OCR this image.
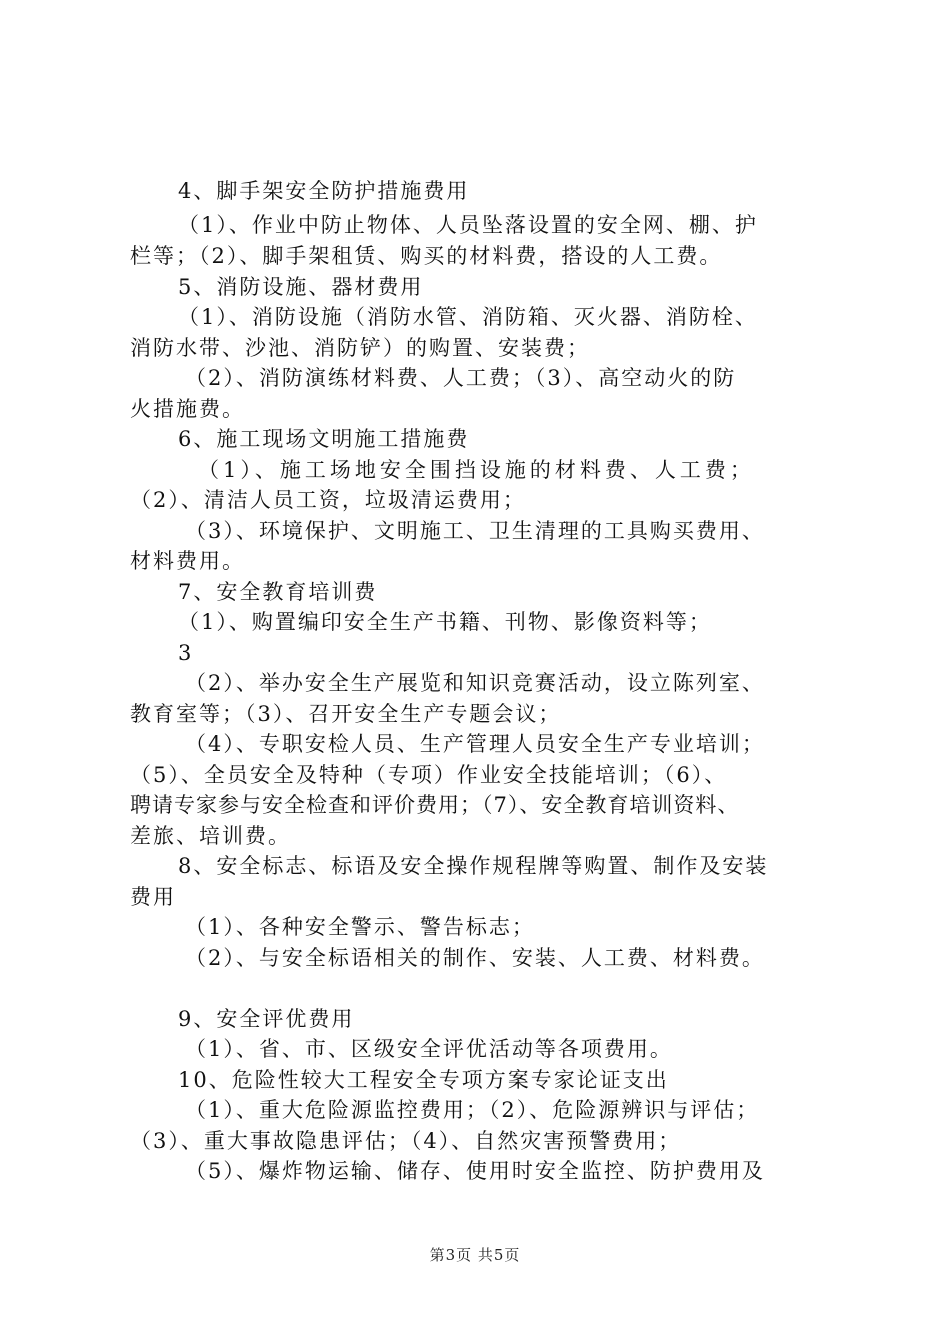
4、脚手架安全防护措施费用
（1）、作业中防止物体、人员坠落设置的安全网、棚、护
栏等；（2）、脚手架租赁、购买的材料费，搭设的人工费。
5、消防设施、器材费用
（1）、消防设施（消防水管、消防箱、灭火器、消防栓、
消防水带、沙池、消防铲）的购置、安装费；
（2）、消防演练材料费、人工费；（3）、高空动火的防
火措施费。
6、施工现场文明施工措施费
（1）、施工场地安全围挡设施的材料费、人工费；
（2）、清洁人员工资，垃圾清运费用；
（3）、环境保护、文明施工、卫生清理的工具购买费用、
材料费用。
7、安全教育培训费
（1）、购置编印安全生产书籍、刊物、影像资料等；
3
（2）、举办安全生产展览和知识竞赛活动，设立陈列室、
教育室等；（3）、召开安全生产专题会议；
（4）、专职安检人员、生产管理人员安全生产专业培训；
（5）、全员安全及特种（专项）作业安全技能培训；（6）、
聘请专家参与安全检查和评价费用；（7）、安全教育培训资料、
差旅、培训费。
8、安全标志、标语及安全操作规程牌等购置、制作及安装
费用
（1）、各种安全警示、警告标志；
（2）、与安全标语相关的制作、安装、人工费、材料费。
9、安全评优费用
（1）、省、市、区级安全评优活动等各项费用。
10、危险性较大工程安全专项方案专家论证支出
（1）、重大危险源监控费用；（2）、危险源辨识与评估；
（3）、重大事故隐患评估；（4）、自然灾害预警费用；
（5）、爆炸物运输、储存、使用时安全监控、防护费用及
第3页 共5页
